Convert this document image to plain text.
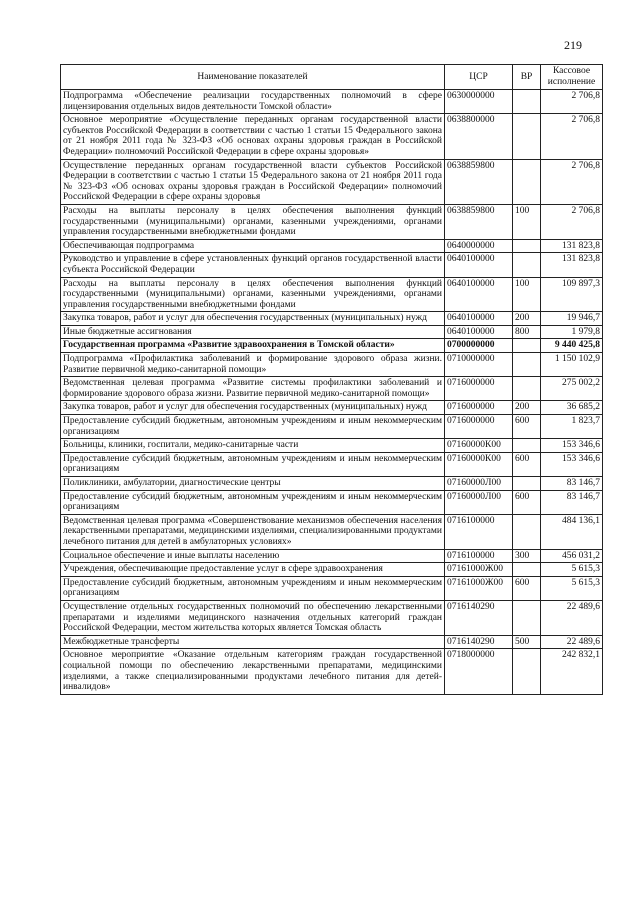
219
Наименование показателей	ЦСР	ВР	Кассовое исполнение
Подпрограмма «Обеспечение реализации государственных полномочий в сфере лицензирования отдельных видов деятельности Томской области»	0630000000		2 706,8
Основное мероприятие «Осуществление переданных органам государственной власти субъектов Российской Федерации в соответствии с частью 1 статьи 15 Федерального закона от 21 ноября 2011 года № 323-ФЗ «Об основах охраны здоровья граждан в Российской Федерации» полномочий Российской Федерации в сфере охраны здоровья»	0638800000		2 706,8
Осуществление переданных органам государственной власти субъектов Российской Федерации в соответствии с частью 1 статьи 15 Федерального закона от 21 ноября 2011 года № 323-ФЗ «Об основах охраны здоровья граждан в Российской Федерации» полномочий Российской Федерации в сфере охраны здоровья	0638859800		2 706,8
Расходы на выплаты персоналу в целях обеспечения выполнения функций государственными (муниципальными) органами, казенными учреждениями, органами управления государственными внебюджетными фондами	0638859800	100	2 706,8
Обеспечивающая подпрограмма	0640000000		131 823,8
Руководство и управление в сфере установленных функций органов государственной власти субъекта Российской Федерации	0640100000		131 823,8
Расходы на выплаты персоналу в целях обеспечения выполнения функций государственными (муниципальными) органами, казенными учреждениями, органами управления государственными внебюджетными фондами	0640100000	100	109 897,3
Закупка товаров, работ и услуг для обеспечения государственных (муниципальных) нужд	0640100000	200	19 946,7
Иные бюджетные ассигнования	0640100000	800	1 979,8
Государственная программа «Развитие здравоохранения в Томской области»	0700000000		9 440 425,8
Подпрограмма «Профилактика заболеваний и формирование здорового образа жизни. Развитие первичной медико-санитарной помощи»	0710000000		1 150 102,9
Ведомственная целевая программа «Развитие системы профилактики заболеваний и формирование здорового образа жизни. Развитие первичной медико-санитарной помощи»	0716000000		275 002,2
Закупка товаров, работ и услуг для обеспечения государственных (муниципальных) нужд	0716000000	200	36 685,2
Предоставление субсидий бюджетным, автономным учреждениям и иным некоммерческим организациям	0716000000	600	1 823,7
Больницы, клиники, госпитали, медико-санитарные части	07160000К00		153 346,6
Предоставление субсидий бюджетным, автономным учреждениям и иным некоммерческим организациям	07160000К00	600	153 346,6
Поликлиники, амбулатории, диагностические центры	07160000Л00		83 146,7
Предоставление субсидий бюджетным, автономным учреждениям и иным некоммерческим организациям	07160000Л00	600	83 146,7
Ведомственная целевая программа «Совершенствование механизмов обеспечения населения лекарственными препаратами, медицинскими изделиями, специализированными продуктами лечебного питания для детей в амбулаторных условиях»	0716100000		484 136,1
Социальное обеспечение и иные выплаты населению	0716100000	300	456 031,2
Учреждения, обеспечивающие предоставление услуг в сфере здравоохранения	07161000Ж00		5 615,3
Предоставление субсидий бюджетным, автономным учреждениям и иным некоммерческим организациям	07161000Ж00	600	5 615,3
Осуществление отдельных государственных полномочий по обеспечению лекарственными препаратами и изделиями медицинского назначения отдельных категорий граждан Российской Федерации, местом жительства которых является Томская область	0716140290		22 489,6
Межбюджетные трансферты	0716140290	500	22 489,6
Основное мероприятие «Оказание отдельным категориям граждан государственной социальной помощи по обеспечению лекарственными препаратами, медицинскими изделиями, а также специализированными продуктами лечебного питания для детей-инвалидов»	0718000000		242 832,1
